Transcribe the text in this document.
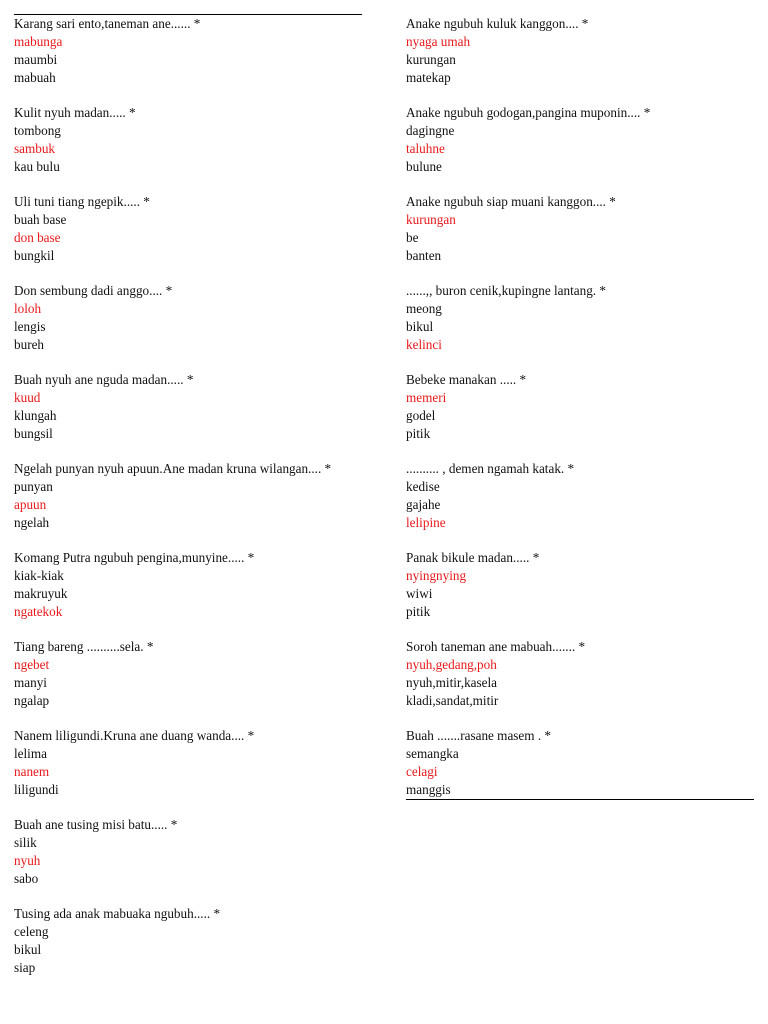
Karang sari ento,taneman ane...... *
mabunga
maumbi
mabuah
Kulit nyuh madan..... *
tombong
sambuk
kau bulu
Uli tuni tiang ngepik..... *
buah base
don base
bungkil
Don sembung dadi anggo.... *
loloh
lengis
bureh
Buah nyuh ane nguda madan..... *
kuud
klungah
bungsil
Ngelah punyan nyuh apuun.Ane madan kruna wilangan.... *
punyan
apuun
ngelah
Komang Putra ngubuh pengina,munyine..... *
kiak-kiak
makruyuk
ngatekok
Tiang bareng ..........sela. *
ngebet
manyi
ngalap
Nanem liligundi.Kruna ane duang wanda.... *
lelima
nanem
liligundi
Buah ane tusing misi batu..... *
silik
nyuh
sabo
Tusing ada anak mabuaka ngubuh..... *
celeng
bikul
siap
Anake ngubuh kuluk kanggon.... *
nyaga umah
kurungan
matekap
Anake ngubuh godogan,pangina muponin.... *
dagingne
taluhne
bulune
Anake ngubuh siap muani kanggon.... *
kurungan
be
banten
......,, buron cenik,kupingne lantang. *
meong
bikul
kelinci
Bebeke manakan ..... *
memeri
godel
pitik
.......... , demen ngamah katak. *
kedise
gajahe
lelipine
Panak bikule madan..... *
nyingnying
wiwi
pitik
Soroh taneman ane mabuah....... *
nyuh,gedang,poh
nyuh,mitir,kasela
kladi,sandat,mitir
Buah .......rasane masem . *
semangka
celagi
manggis
